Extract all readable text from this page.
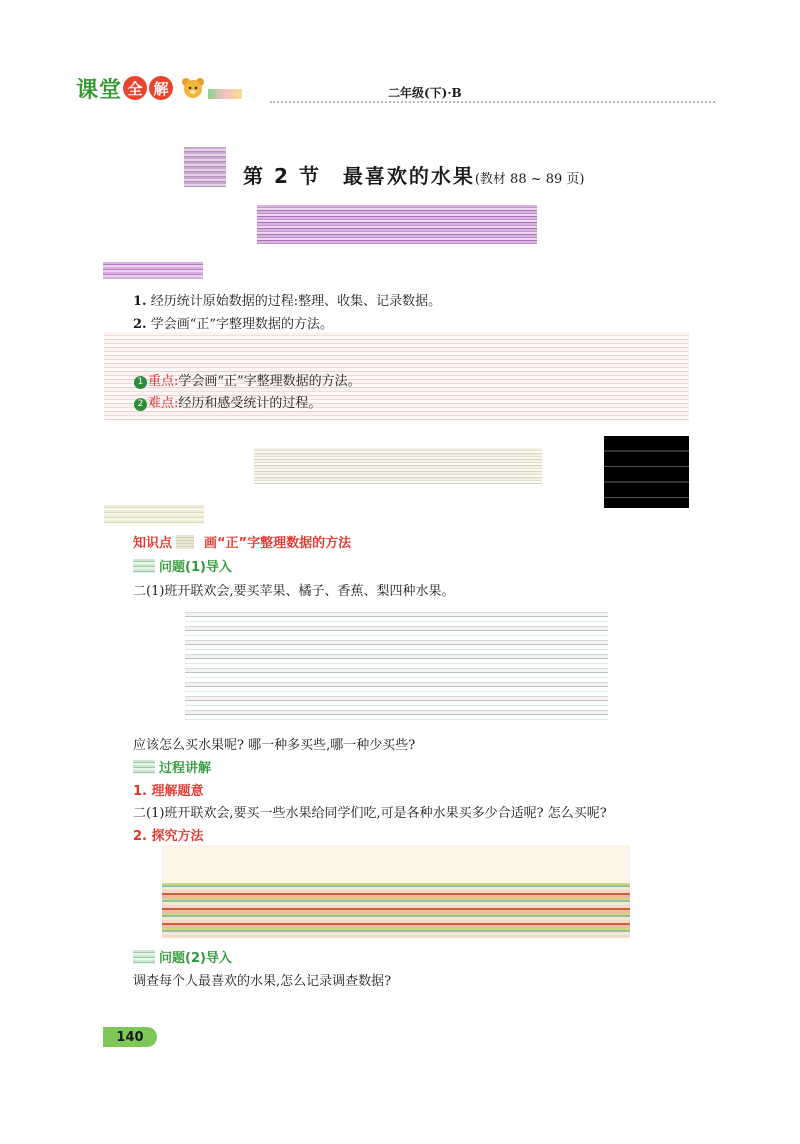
课堂 全 解	二年级(下)·B
第 2 节　最喜欢的水果(教材 88 ~ 89 页)
1. 经历统计原始数据的过程:整理、收集、记录数据。
2. 学会画“正”字整理数据的方法。
1 重点:学会画“正”字整理数据的方法。
2 难点:经历和感受统计的过程。
知识点 画“正”字整理数据的方法
问题(1)导入
二(1)班开联欢会,要买苹果、橘子、香蕉、梨四种水果。
应该怎么买水果呢? 哪一种多买些,哪一种少买些?
过程讲解
1. 理解题意
二(1)班开联欢会,要买一些水果给同学们吃,可是各种水果买多少合适呢? 怎么买呢?
2. 探究方法
问题(2)导入
调查每个人最喜欢的水果,怎么记录调查数据?
140
